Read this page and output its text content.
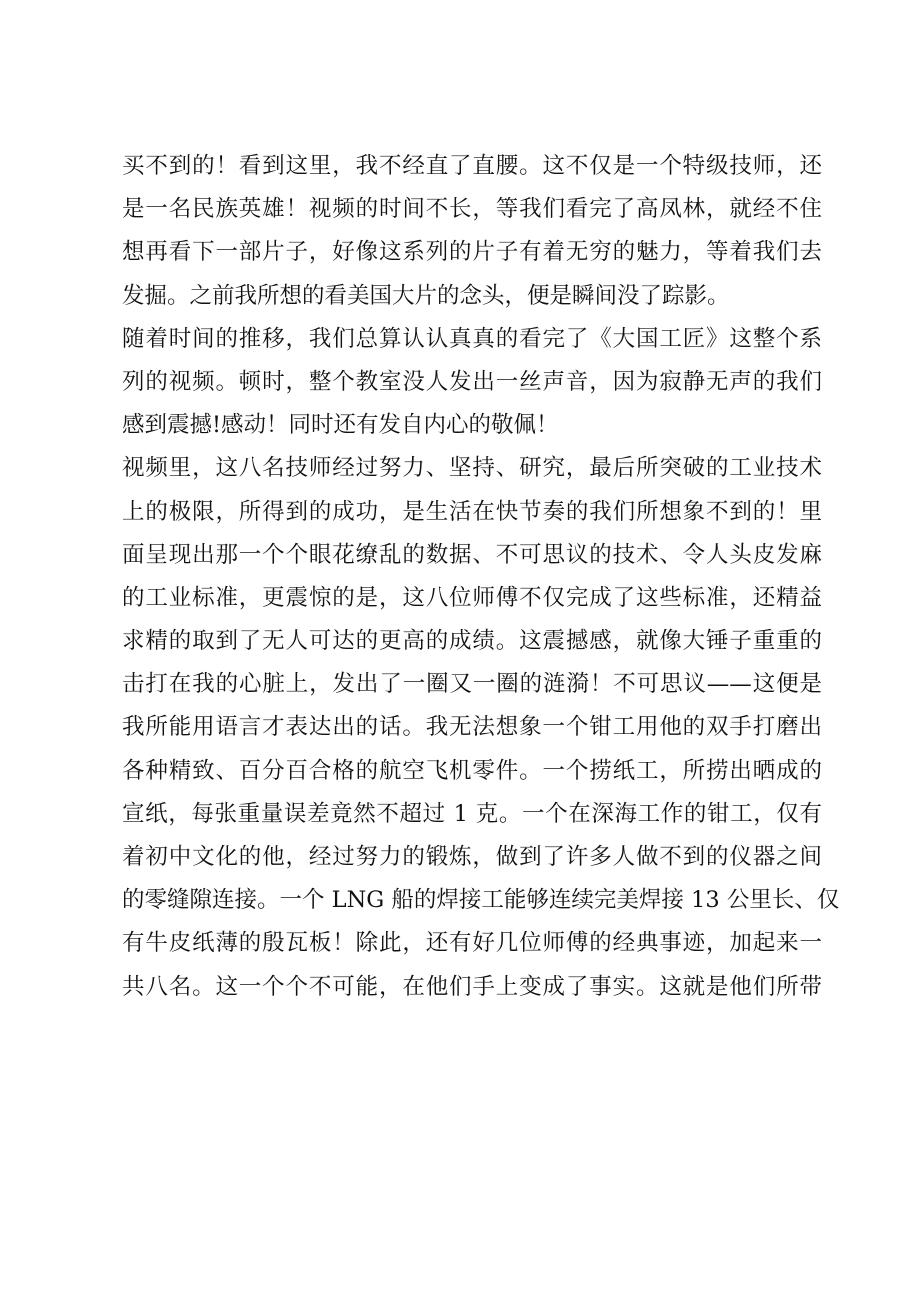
买不到的！看到这里，我不经直了直腰。这不仅是一个特级技师，还
是一名民族英雄！视频的时间不长，等我们看完了高凤林，就经不住
想再看下一部片子，好像这系列的片子有着无穷的魅力，等着我们去
发掘。之前我所想的看美国大片的念头，便是瞬间没了踪影。
随着时间的推移，我们总算认认真真的看完了《大国工匠》这整个系
列的视频。顿时，整个教室没人发出一丝声音，因为寂静无声的我们
感到震撼!感动！同时还有发自内心的敬佩！
视频里，这八名技师经过努力、坚持、研究，最后所突破的工业技术
上的极限，所得到的成功，是生活在快节奏的我们所想象不到的！里
面呈现出那一个个眼花缭乱的数据、不可思议的技术、令人头皮发麻
的工业标准，更震惊的是，这八位师傅不仅完成了这些标准，还精益
求精的取到了无人可达的更高的成绩。这震撼感，就像大锤子重重的
击打在我的心脏上，发出了一圈又一圈的涟漪！不可思议——这便是
我所能用语言才表达出的话。我无法想象一个钳工用他的双手打磨出
各种精致、百分百合格的航空飞机零件。一个捞纸工，所捞出晒成的
宣纸，每张重量误差竟然不超过 1 克。一个在深海工作的钳工，仅有
着初中文化的他，经过努力的锻炼，做到了许多人做不到的仪器之间
的零缝隙连接。一个 LNG 船的焊接工能够连续完美焊接 13 公里长、仅
有牛皮纸薄的殷瓦板！除此，还有好几位师傅的经典事迹，加起来一
共八名。这一个个不可能，在他们手上变成了事实。这就是他们所带
